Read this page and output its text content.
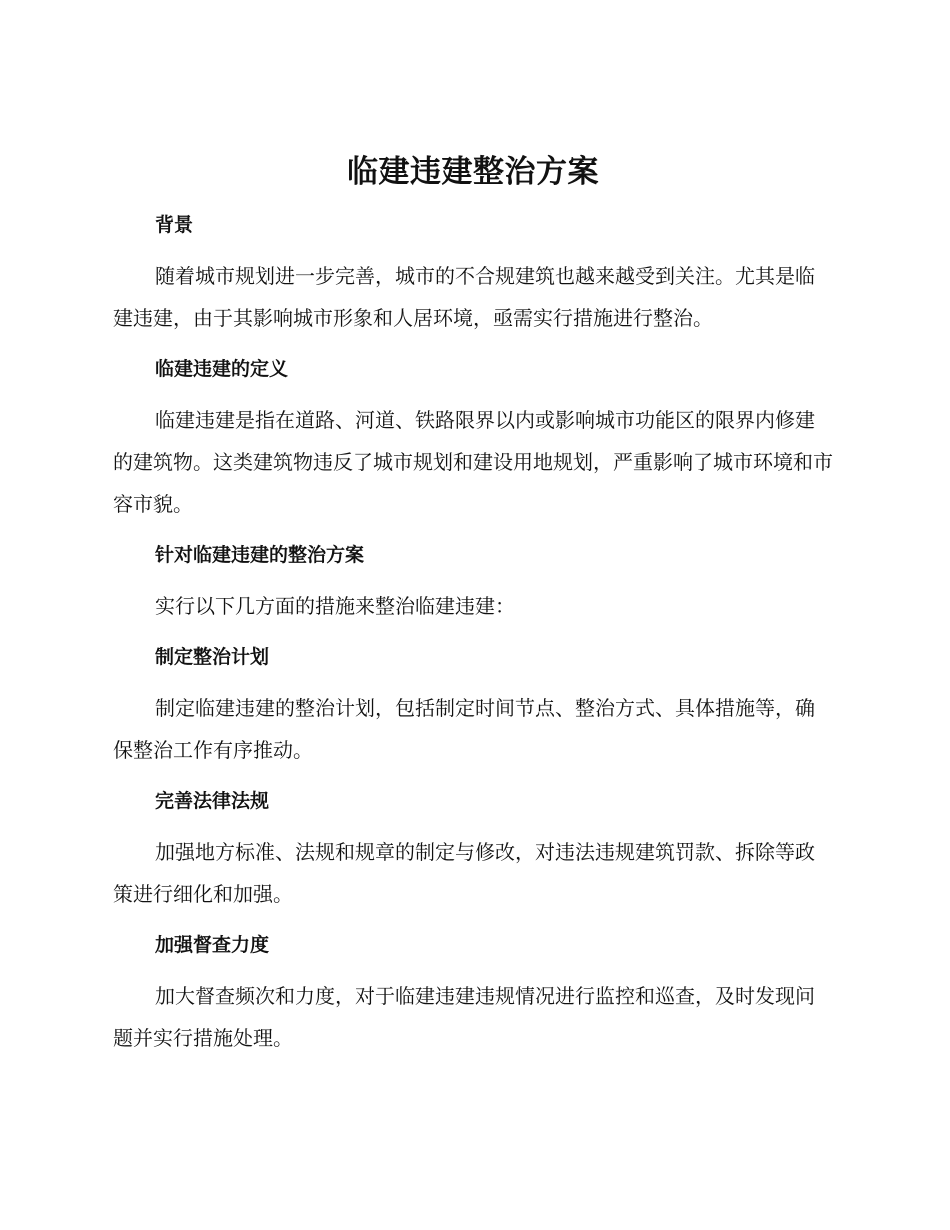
临建违建整治方案
背景

随着城市规划进一步完善，城市的不合规建筑也越来越受到关注。尤其是临建违建，由于其影响城市形象和人居环境，亟需实行措施进行整治。

临建违建的定义

临建违建是指在道路、河道、铁路限界以内或影响城市功能区的限界内修建的建筑物。这类建筑物违反了城市规划和建设用地规划，严重影响了城市环境和市容市貌。

针对临建违建的整治方案

实行以下几方面的措施来整治临建违建：

制定整治计划

制定临建违建的整治计划，包括制定时间节点、整治方式、具体措施等，确保整治工作有序推动。

完善法律法规

加强地方标准、法规和规章的制定与修改，对违法违规建筑罚款、拆除等政策进行细化和加强。

加强督查力度

加大督查频次和力度，对于临建违建违规情况进行监控和巡查，及时发现问题并实行措施处理。
